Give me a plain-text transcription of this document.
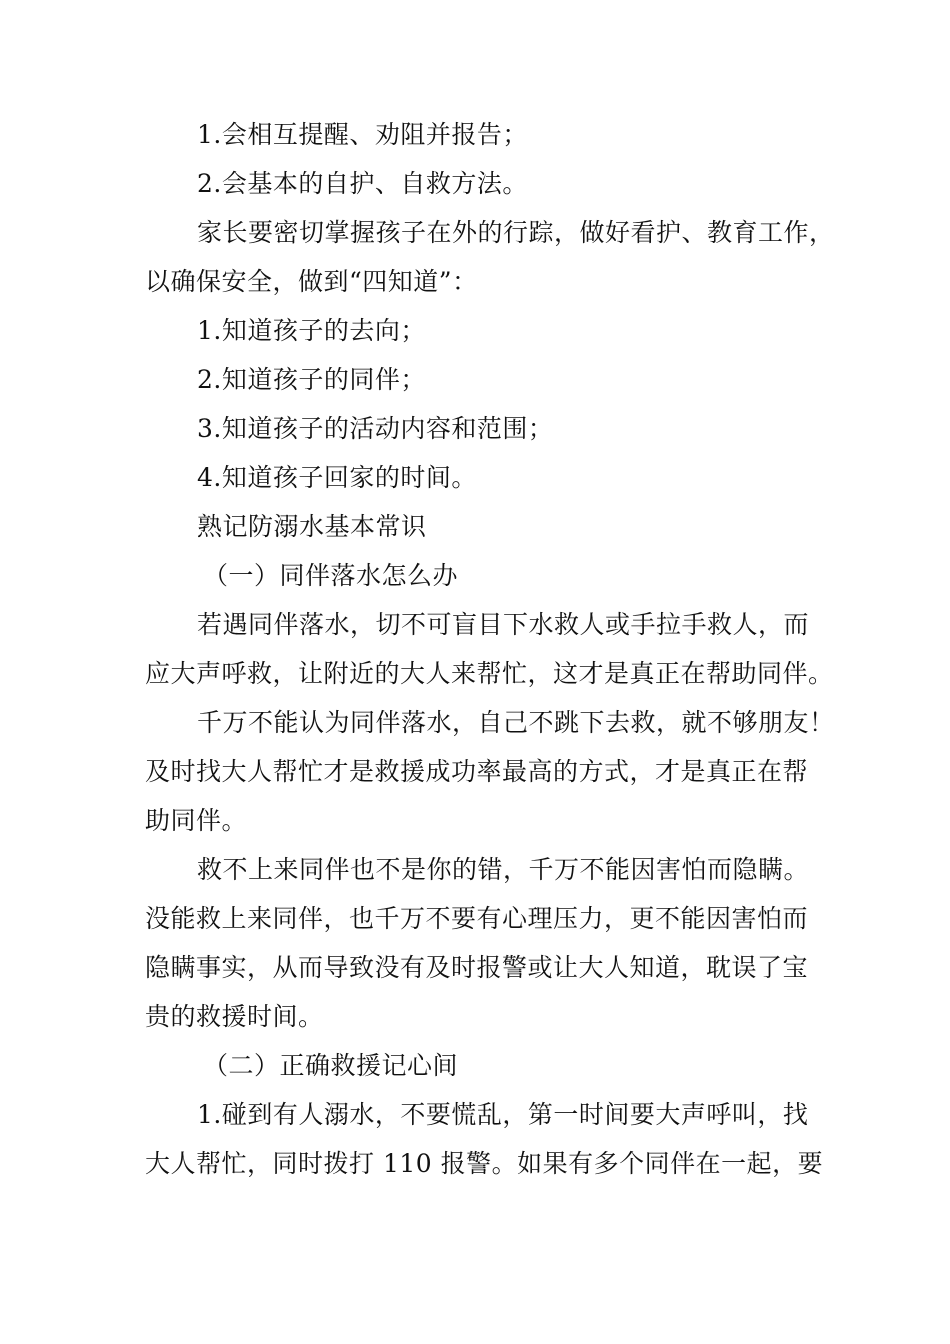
1.会相互提醒、劝阻并报告；
2.会基本的自护、自救方法。
家长要密切掌握孩子在外的行踪，做好看护、教育工作，
以确保安全，做到“四知道”：
1.知道孩子的去向；
2.知道孩子的同伴；
3.知道孩子的活动内容和范围；
4.知道孩子回家的时间。
熟记防溺水基本常识
（一）同伴落水怎么办
若遇同伴落水，切不可盲目下水救人或手拉手救人，而
应大声呼救，让附近的大人来帮忙，这才是真正在帮助同伴。
千万不能认为同伴落水，自己不跳下去救，就不够朋友！
及时找大人帮忙才是救援成功率最高的方式，才是真正在帮
助同伴。
救不上来同伴也不是你的错，千万不能因害怕而隐瞒。
没能救上来同伴，也千万不要有心理压力，更不能因害怕而
隐瞒事实，从而导致没有及时报警或让大人知道，耽误了宝
贵的救援时间。
（二）正确救援记心间
1.碰到有人溺水，不要慌乱，第一时间要大声呼叫，找
大人帮忙，同时拨打 110 报警。如果有多个同伴在一起，要
